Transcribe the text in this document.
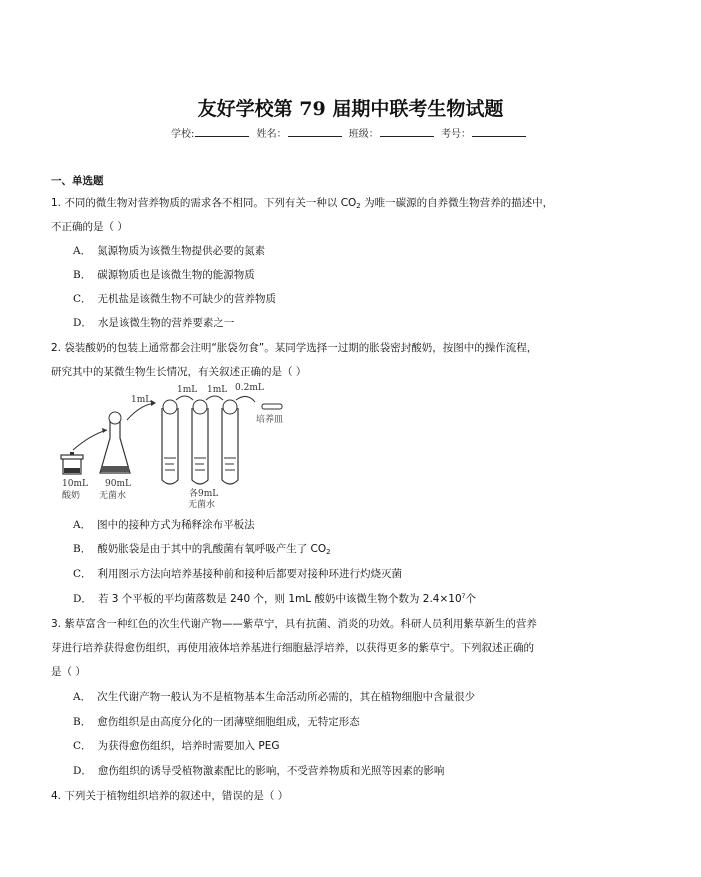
友好学校第 79 届期中联考生物试题
学校:	姓名：	班级：	考号：
一、单选题
1. 不同的微生物对营养物质的需求各不相同。下列有关一种以 $CO_2$ 为唯一碳源的自养微生物营养的描述中，
不正确的是（ ）
A． 氮源物质为该微生物提供必要的氮素
B． 碳源物质也是该微生物的能源物质
C． 无机盐是该微生物不可缺少的营养物质
D． 水是该微生物的营养要素之一
2. 袋装酸奶的包装上通常都会注明“胀袋勿食”。某同学选择一过期的胀袋密封酸奶，按图中的操作流程，
研究其中的某微生物生长情况，有关叙述正确的是（ ）
10mL
酸奶
90mL
无菌水
1mL
1mL 1mL 0.2mL
培养皿
各9mL
无菌水
A． 图中的接种方式为稀释涂布平板法
B． 酸奶胀袋是由于其中的乳酸菌有氧呼吸产生了 $CO_2$
C． 利用图示方法向培养基接种前和接种后都要对接种环进行灼烧灭菌
D． 若 3 个平板的平均菌落数是 240 个，则 1mL 酸奶中该微生物个数为 $2.4\times 10^7$个
3. 紫草富含一种红色的次生代谢产物——紫草宁，具有抗菌、消炎的功效。科研人员利用紫草新生的营养
芽进行培养获得愈伤组织，再使用液体培养基进行细胞悬浮培养，以获得更多的紫草宁。下列叙述正确的
是（ ）
A． 次生代谢产物一般认为不是植物基本生命活动所必需的，其在植物细胞中含量很少
B． 愈伤组织是由高度分化的一团薄壁细胞组成，无特定形态
C． 为获得愈伤组织，培养时需要加入 PEG
D． 愈伤组织的诱导受植物激素配比的影响，不受营养物质和光照等因素的影响
4. 下列关于植物组织培养的叙述中，错误的是（ ）
